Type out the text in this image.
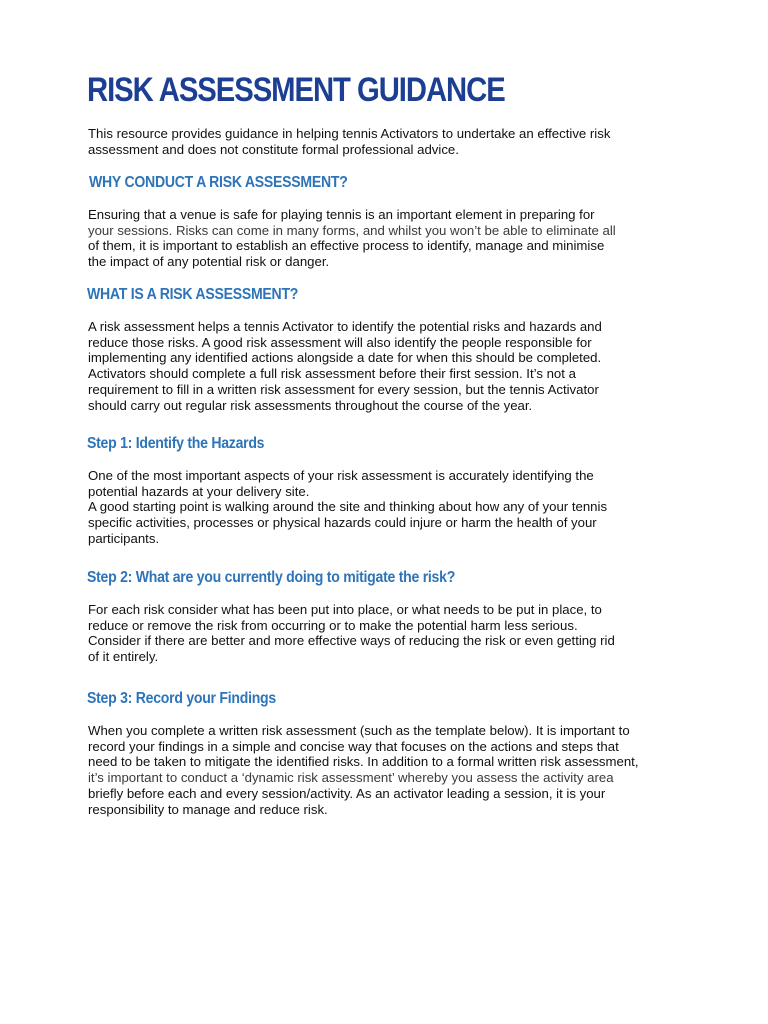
RISK ASSESSMENT GUIDANCE

This resource provides guidance in helping tennis Activators to undertake an effective risk
assessment and does not constitute formal professional advice.

WHY CONDUCT A RISK ASSESSMENT?

Ensuring that a venue is safe for playing tennis is an important element in preparing for
your sessions. Risks can come in many forms, and whilst you won’t be able to eliminate all
of them, it is important to establish an effective process to identify, manage and minimise
the impact of any potential risk or danger.

WHAT IS A RISK ASSESSMENT?

A risk assessment helps a tennis Activator to identify the potential risks and hazards and
reduce those risks. A good risk assessment will also identify the people responsible for
implementing any identified actions alongside a date for when this should be completed.
Activators should complete a full risk assessment before their first session. It’s not a
requirement to fill in a written risk assessment for every session, but the tennis Activator
should carry out regular risk assessments throughout the course of the year.

Step 1: Identify the Hazards

One of the most important aspects of your risk assessment is accurately identifying the
potential hazards at your delivery site.
A good starting point is walking around the site and thinking about how any of your tennis
specific activities, processes or physical hazards could injure or harm the health of your
participants.

Step 2: What are you currently doing to mitigate the risk?

For each risk consider what has been put into place, or what needs to be put in place, to
reduce or remove the risk from occurring or to make the potential harm less serious.
Consider if there are better and more effective ways of reducing the risk or even getting rid
of it entirely.

Step 3: Record your Findings

When you complete a written risk assessment (such as the template below). It is important to
record your findings in a simple and concise way that focuses on the actions and steps that
need to be taken to mitigate the identified risks. In addition to a formal written risk assessment,
it’s important to conduct a ‘dynamic risk assessment’ whereby you assess the activity area
briefly before each and every session/activity. As an activator leading a session, it is your
responsibility to manage and reduce risk.
